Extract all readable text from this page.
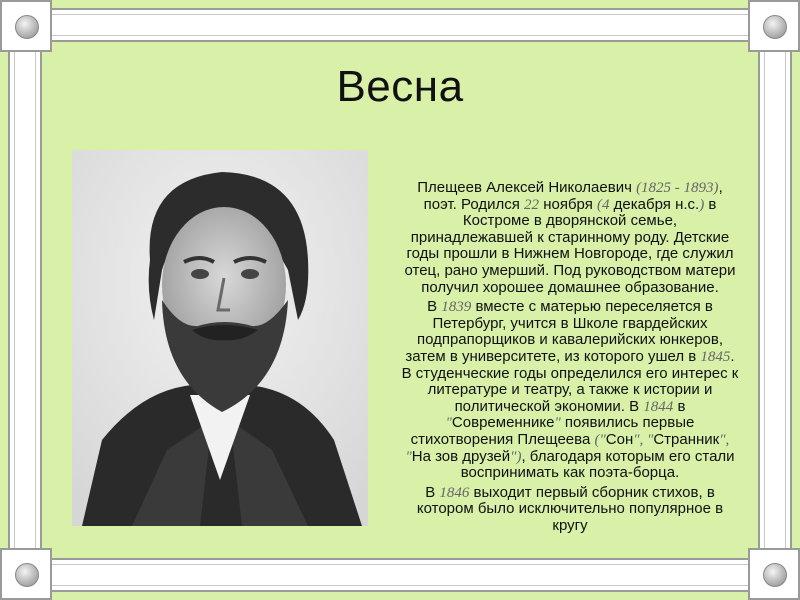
Весна

Плещеев Алексей Николаевич (1825 - 1893), поэт. Родился 22 ноября (4 декабря н.с.) в Костроме в дворянской семье, принадлежавшей к старинному роду. Детские годы прошли в Нижнем Новгороде, где служил отец, рано умерший. Под руководством матери получил хорошее домашнее образование.

В 1839 вместе с матерью переселяется в Петербург, учится в Школе гвардейских подпрапорщиков и кавалерийских юнкеров, затем в университете, из которого ушел в 1845. В студенческие годы определился его интерес к литературе и театру, а также к истории и политической экономии. В 1844 в "Современнике" появились первые стихотворения Плещеева ("Сон", "Странник", "На зов друзей"), благодаря которым его стали воспринимать как поэта-борца.

В 1846 выходит первый сборник стихов, в котором было исключительно популярное в кругу
